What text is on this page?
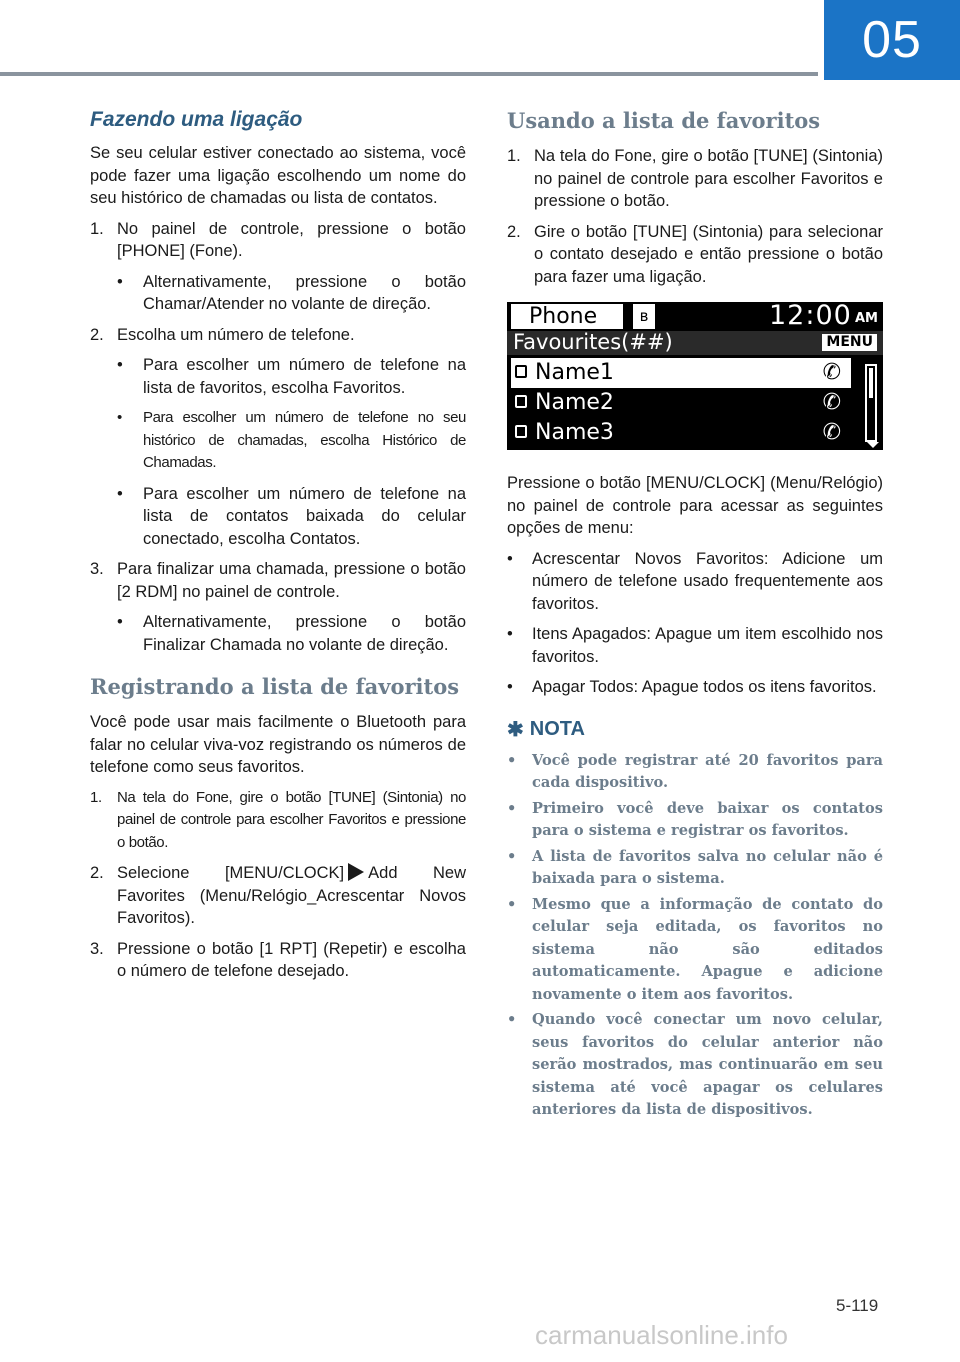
05
Fazendo uma ligação

Se seu celular estiver conectado ao sistema, você pode fazer uma ligação escolhendo um nome do seu histórico de chamadas ou lista de contatos.

1. No painel de controle, pressione o botão [PHONE] (Fone).
• Alternativamente, pressione o botão Chamar/Atender no volante de direção.
2. Escolha um número de telefone.
• Para escolher um número de telefone na lista de favoritos, escolha Favoritos.
• Para escolher um número de telefone no seu histórico de chamadas, escolha Histórico de Chamadas.
• Para escolher um número de telefone na lista de contatos baixada do celular conectado, escolha Contatos.
3. Para finalizar uma chamada, pressione o botão [2 RDM] no painel de controle.
• Alternativamente, pressione o botão Finalizar Chamada no volante de direção.
Registrando a lista de favoritos

Você pode usar mais facilmente o Bluetooth para falar no celular viva-voz registrando os números de telefone como seus favoritos.

1. Na tela do Fone, gire o botão [TUNE] (Sintonia) no painel de controle para escolher Favoritos e pressione o botão.
2. Selecione [MENU/CLOCK] Add New Favorites (Menu/Relógio_Acrescentar Novos Favoritos).
3. Pressione o botão [1 RPT] (Repetir) e escolha o número de telefone desejado.
Usando a lista de favoritos
1. Na tela do Fone, gire o botão [TUNE] (Sintonia) no painel de controle para escolher Favoritos e pressione o botão.
2. Gire o botão [TUNE] (Sintonia) para selecionar o contato desejado e então pressione o botão para fazer uma ligação.
Phone	ʙ	12:00 AM
Favourites(##)	MENU
Name1	✆
Name2	✆
Name3	✆

Pressione o botão [MENU/CLOCK] (Menu/Relógio) no painel de controle para acessar as seguintes opções de menu:

• Acrescentar Novos Favoritos: Adicione um número de telefone usado frequentemente aos favoritos.
• Itens Apagados: Apague um item escolhido nos favoritos.
• Apagar Todos: Apague todos os itens favoritos.
✱ NOTA
• Você pode registrar até 20 favoritos para cada dispositivo.
• Primeiro você deve baixar os contatos para o sistema e registrar os favoritos.
• A lista de favoritos salva no celular não é baixada para o sistema.
• Mesmo que a informação de contato do celular seja editada, os favoritos no sistema não são editados automaticamente. Apague e adicione novamente o item aos favoritos.
• Quando você conectar um novo celular, seus favoritos do celular anterior não serão mostrados, mas continuarão em seu sistema até você apagar os celulares anteriores da lista de dispositivos.
5-119
carmanualsonline.info
